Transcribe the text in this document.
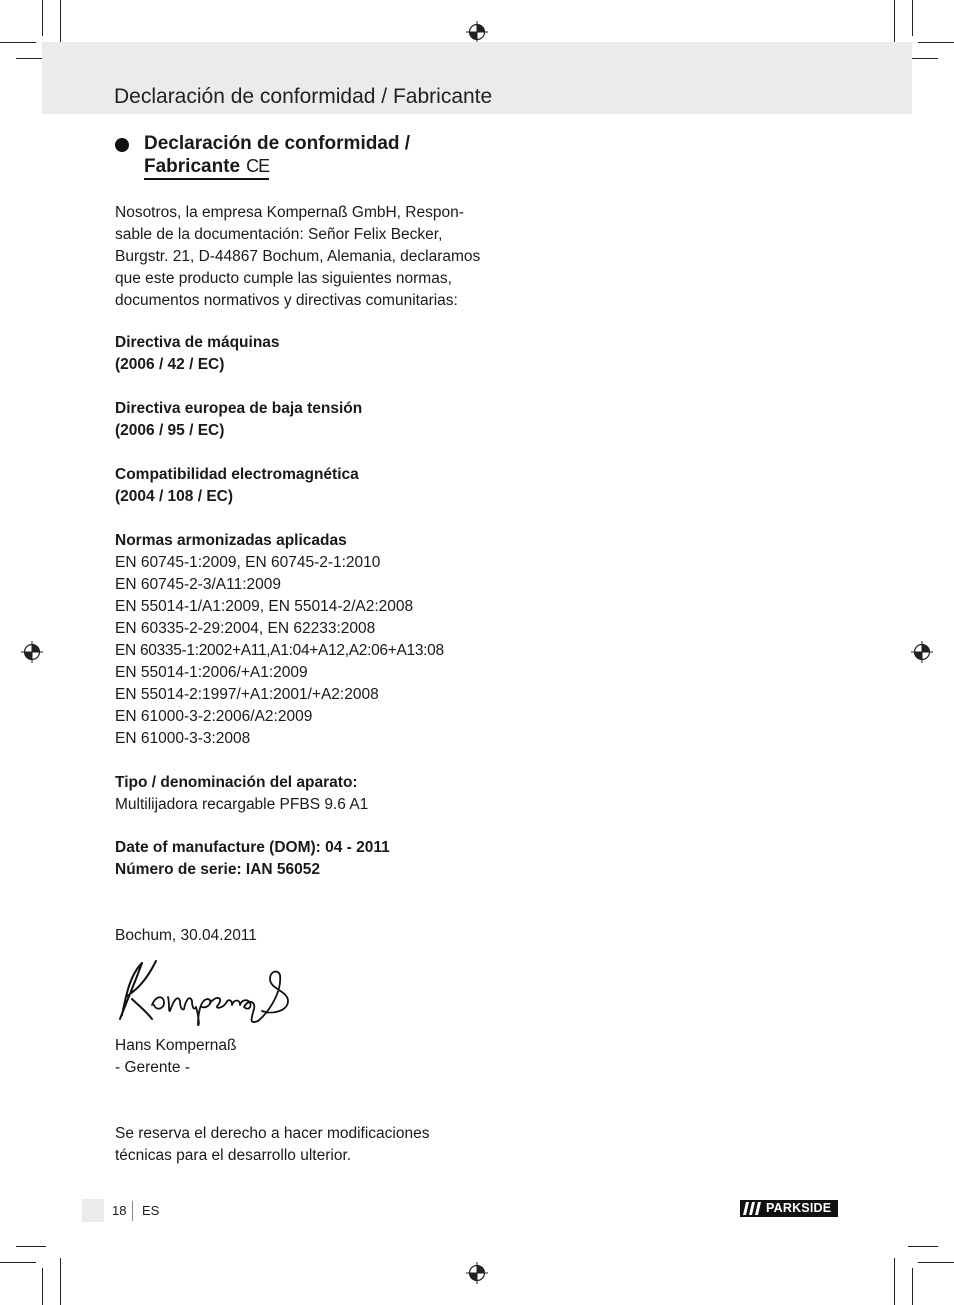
Declaración de conformidad / Fabricante
Declaración de conformidad /
Fabricante CE

Nosotros, la empresa Kompernaß GmbH, Respon-

sable de la documentación: Señor Felix Becker,

Burgstr. 21, D-44867 Bochum, Alemania, declaramos

que este producto cumple las siguientes normas,

documentos normativos y directivas comunitarias:

Directiva de máquinas

(2006 / 42 / EC)

Directiva europea de baja tensión

(2006 / 95 / EC)

Compatibilidad electromagnética

(2004 / 108 / EC)

Normas armonizadas aplicadas

EN 60745-1:2009, EN 60745-2-1:2010

EN 60745-2-3/A11:2009

EN 55014-1/A1:2009, EN 55014-2/A2:2008

EN 60335-2-29:2004, EN 62233:2008

EN 60335-1:2002+A11,A1:04+A12,A2:06+A13:08

EN 55014-1:2006/+A1:2009

EN 55014-2:1997/+A1:2001/+A2:2008

EN 61000-3-2:2006/A2:2009

EN 61000-3-3:2008

Tipo / denominación del aparato:

Multilijadora recargable PFBS 9.6 A1

Date of manufacture (DOM): 04 - 2011

Número de serie: IAN 56052

Bochum, 30.04.2011

Hans Kompernaß

- Gerente -

Se reserva el derecho a hacer modificaciones

técnicas para el desarrollo ulterior.

18 ES	PARKSIDE
